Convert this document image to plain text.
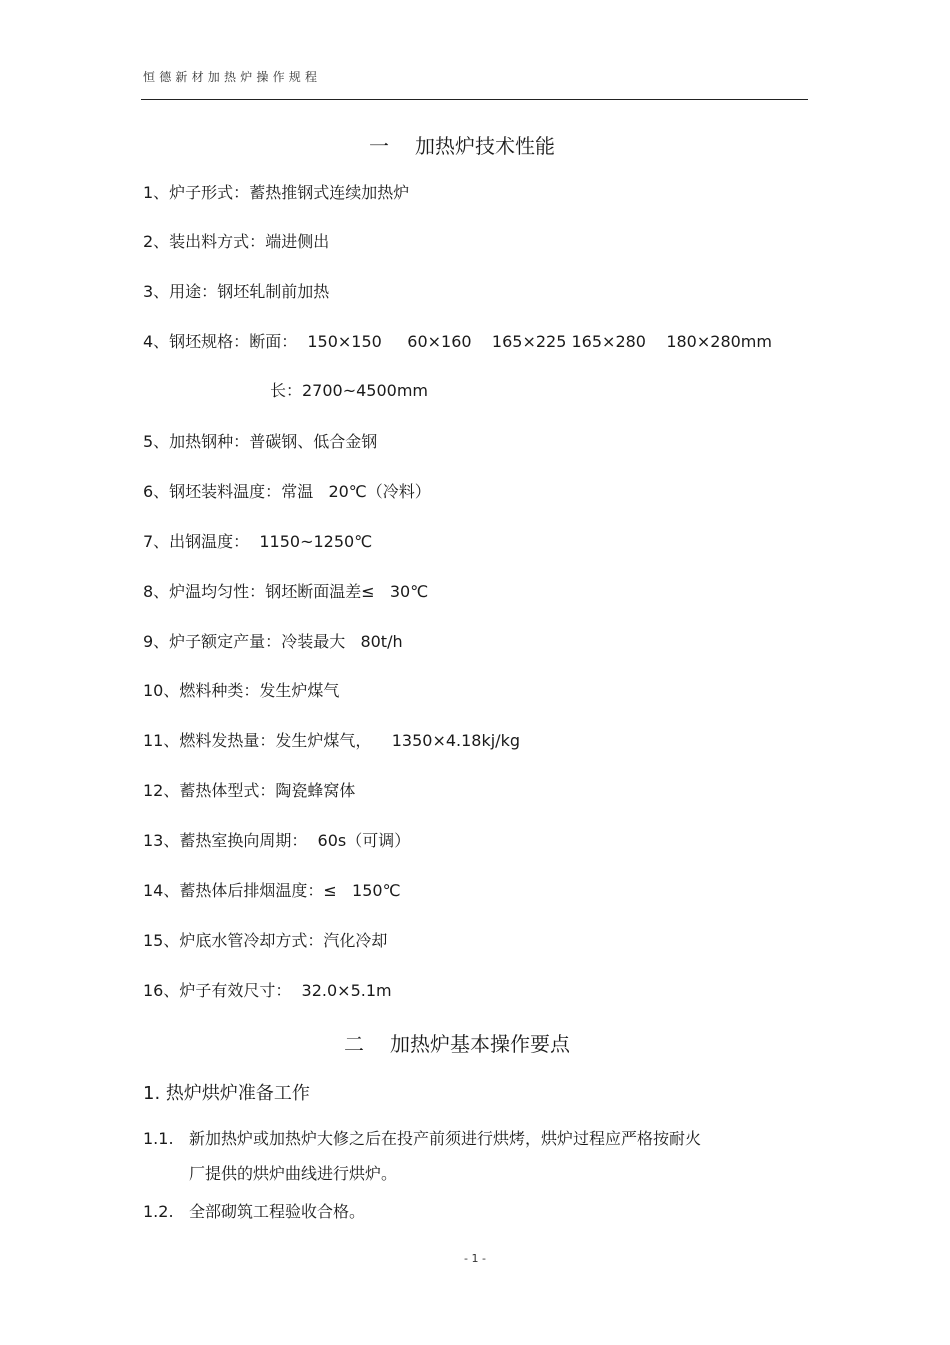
恒德新材加热炉操作规程
一 加热炉技术性能
1、炉子形式：蓄热推钢式连续加热炉
2、装出料方式：端进侧出
3、用途：钢坯轧制前加热
4、钢坯规格：断面：  150×150     60×160    165×225 165×280    180×280mm
长：2700~4500mm
5、加热钢种：普碳钢、低合金钢
6、钢坯装料温度：常温   20℃（冷料）
7、出钢温度：  1150~1250℃
8、炉温均匀性：钢坯断面温差≤   30℃
9、炉子额定产量：冷装最大   80t/h
10、燃料种类：发生炉煤气
11、燃料发热量：发生炉煤气，    1350×4.18kj/kg
12、蓄热体型式：陶瓷蜂窝体
13、蓄热室换向周期：  60s（可调）
14、蓄热体后排烟温度：≤   150℃
15、炉底水管冷却方式：汽化冷却
16、炉子有效尺寸：  32.0×5.1m
二 加热炉基本操作要点
1. 热炉烘炉准备工作
1.1. 新加热炉或加热炉大修之后在投产前须进行烘烤，烘炉过程应严格按耐火
厂提供的烘炉曲线进行烘炉。
1.2. 全部砌筑工程验收合格。
- 1 -
